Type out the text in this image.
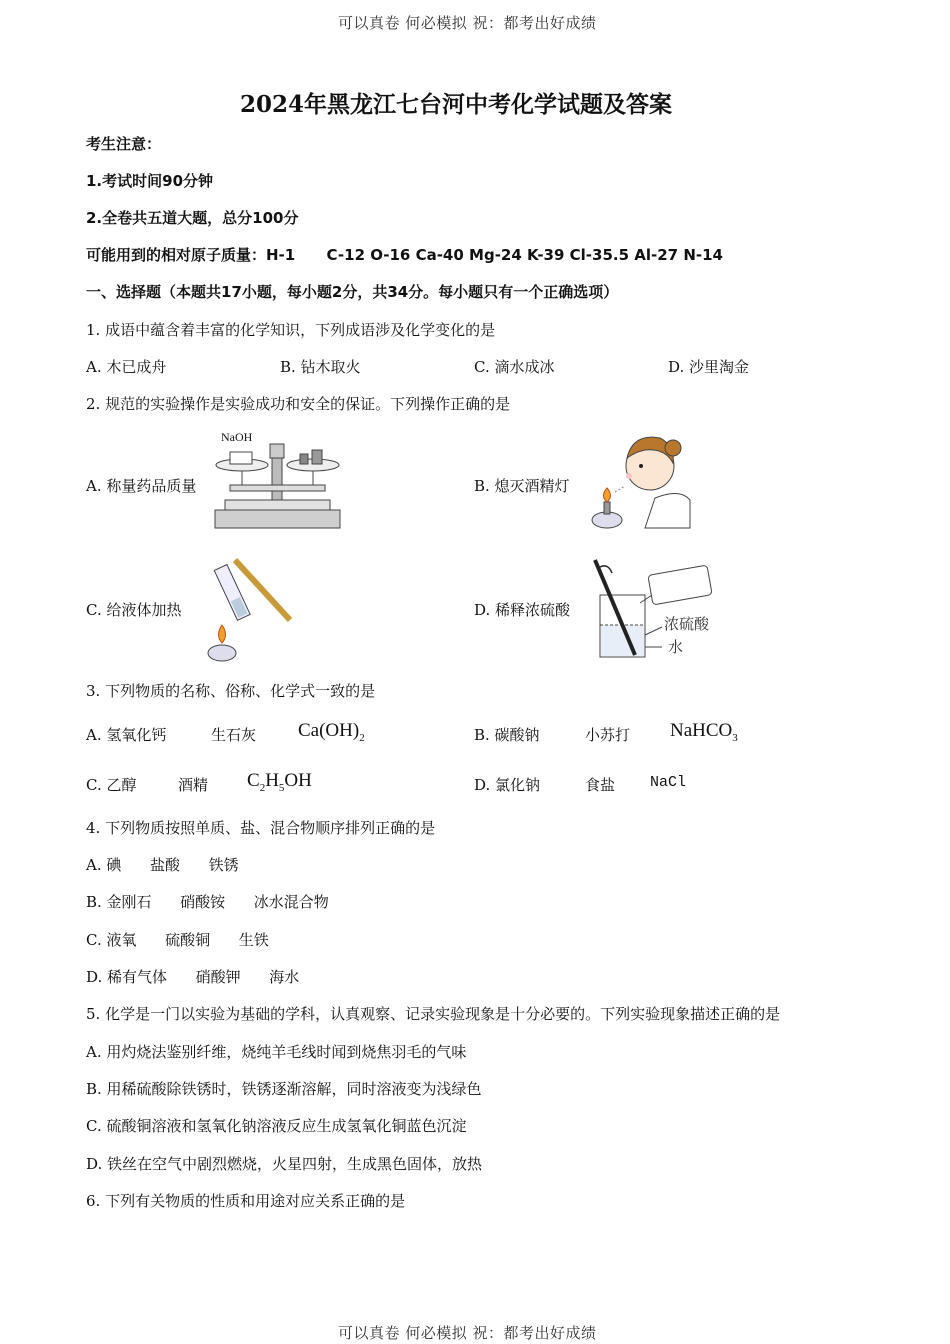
可以真卷 何必模拟 祝：都考出好成绩
可以真卷 何必模拟 祝：都考出好成绩
2024年黑龙江七台河中考化学试题及答案
考生注意：
1.考试时间90分钟
2.全卷共五道大题，总分100分
可能用到的相对原子质量：H-1      C-12 O-16 Ca-40 Mg-24 K-39 Cl-35.5 Al-27 N-14
一、选择题（本题共17小题，每小题2分，共34分。每小题只有一个正确选项）
1. 成语中蕴含着丰富的化学知识，下列成语涉及化学变化的是
A. 木已成舟	B. 钻木取火	C. 滴水成冰	D. 沙里淘金
2. 规范的实验操作是实验成功和安全的保证。下列操作正确的是
A. 称量药品质量	B. 熄灭酒精灯
C. 给液体加热	D. 稀释浓硫酸
NaOH
浓硫酸
水
3. 下列物质的名称、俗称、化学式一致的是
A. 氢氧化钙	生石灰 $Ca(OH)_2$	B. 碳酸钠	小苏打 NaHCO$_3$
C. 乙醇	酒精 $C_2H_5OH$	D. 氯化钠	食盐 NaCl
4. 下列物质按照单质、盐、混合物顺序排列正确的是
A. 碘      盐酸      铁锈
B. 金刚石      硝酸铵      冰水混合物
C. 液氧      硫酸铜      生铁
D. 稀有气体      硝酸钾      海水
5. 化学是一门以实验为基础的学科，认真观察、记录实验现象是十分必要的。下列实验现象描述正确的是
A. 用灼烧法鉴别纤维，烧纯羊毛线时闻到烧焦羽毛的气味
B. 用稀硫酸除铁锈时，铁锈逐渐溶解，同时溶液变为浅绿色
C. 硫酸铜溶液和氢氧化钠溶液反应生成氢氧化铜蓝色沉淀
D. 铁丝在空气中剧烈燃烧，火星四射，生成黑色固体，放热
6. 下列有关物质的性质和用途对应关系正确的是
